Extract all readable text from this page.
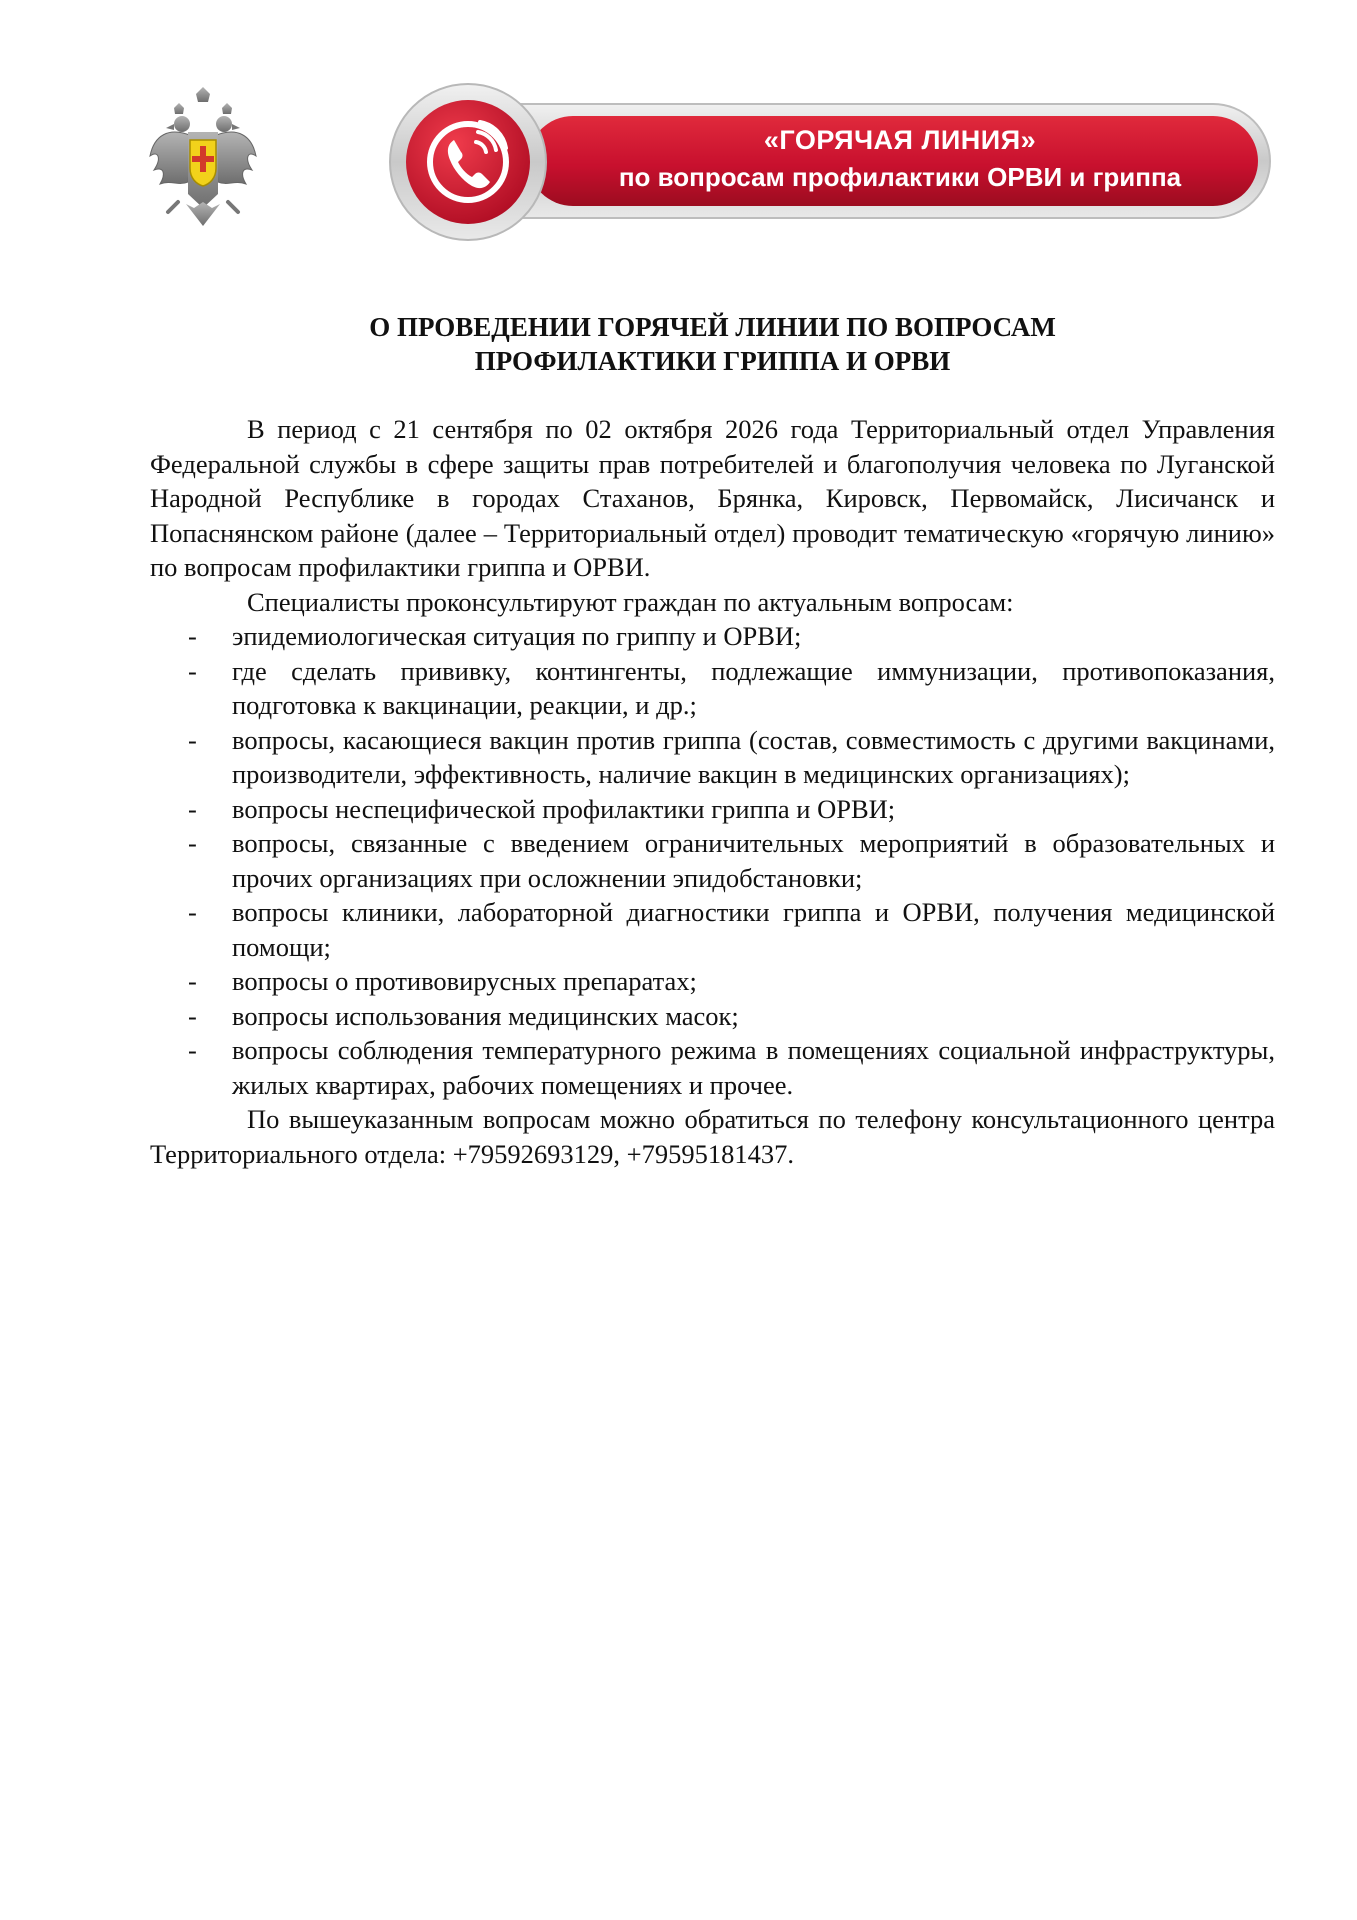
«ГОРЯЧАЯ ЛИНИЯ»
по вопросам профилактики ОРВИ и гриппа
О ПРОВЕДЕНИИ ГОРЯЧЕЙ ЛИНИИ ПО ВОПРОСАМ
ПРОФИЛАКТИКИ ГРИППА И ОРВИ

В период с 21 сентября по 02 октября 2026 года Территориальный отдел Управления Федеральной службы в сфере защиты прав потребителей и благополучия человека по Луганской Народной Республике в городах Стаханов, Брянка, Кировск, Первомайск, Лисичанск и Попаснянском районе (далее – Территориальный отдел) проводит тематическую «горячую линию» по вопросам профилактики гриппа и ОРВИ.

Специалисты проконсультируют граждан по актуальным вопросам:

- эпидемиологическая ситуация по гриппу и ОРВИ;
- где сделать прививку, контингенты, подлежащие иммунизации, противопоказания, подготовка к вакцинации, реакции, и др.;
- вопросы, касающиеся вакцин против гриппа (состав, совместимость с другими вакцинами, производители, эффективность, наличие вакцин в медицинских организациях);
- вопросы неспецифической профилактики гриппа и ОРВИ;
- вопросы, связанные с введением ограничительных мероприятий в образовательных и прочих организациях при осложнении эпидобстановки;
- вопросы клиники, лабораторной диагностики гриппа и ОРВИ, получения медицинской помощи;
- вопросы о противовирусных препаратах;
- вопросы использования медицинских масок;
- вопросы соблюдения температурного режима в помещениях социальной инфраструктуры, жилых квартирах, рабочих помещениях и прочее.

По вышеуказанным вопросам можно обратиться по телефону консультационного центра Территориального отдела: +79592693129, +79595181437.
